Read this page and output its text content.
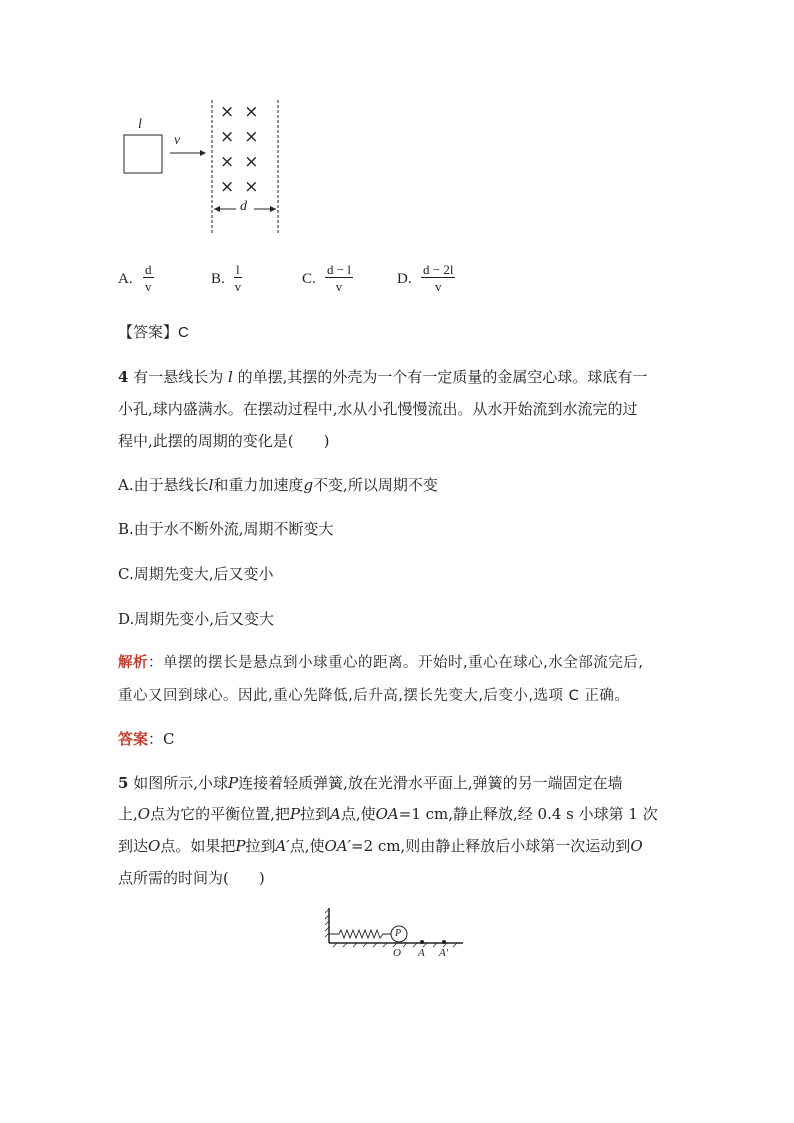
l
v
d
××
××
××
××
A. $\frac{d}{v}$	B. $\frac{l}{v}$	C. $\frac{d - l}{v}$	D. $\frac{d - 2l}{v}$
【答案】C
4 有一悬线长为 l 的单摆,其摆的外壳为一个有一定质量的金属空心球。球底有一
小孔,球内盛满水。在摆动过程中,水从小孔慢慢流出。从水开始流到水流完的过
程中,此摆的周期的变化是(　　)
A.由于悬线长l和重力加速度g不变,所以周期不变
B.由于水不断外流,周期不断变大
C.周期先变大,后又变小
D.周期先变小,后又变大
解析：单摆的摆长是悬点到小球重心的距离。开始时,重心在球心,水全部流完后,
重心又回到球心。因此,重心先降低,后升高,摆长先变大,后变小,选项 C 正确。
答案：C
5 如图所示,小球P连接着轻质弹簧,放在光滑水平面上,弹簧的另一端固定在墙
上,O点为它的平衡位置,把P拉到A点,使OA=1 cm,静止释放,经 0.4 s 小球第 1 次
到达O点。如果把P拉到A′点,使OA′=2 cm,则由静止释放后小球第一次运动到O
点所需的时间为(　　)
P
O A A′
